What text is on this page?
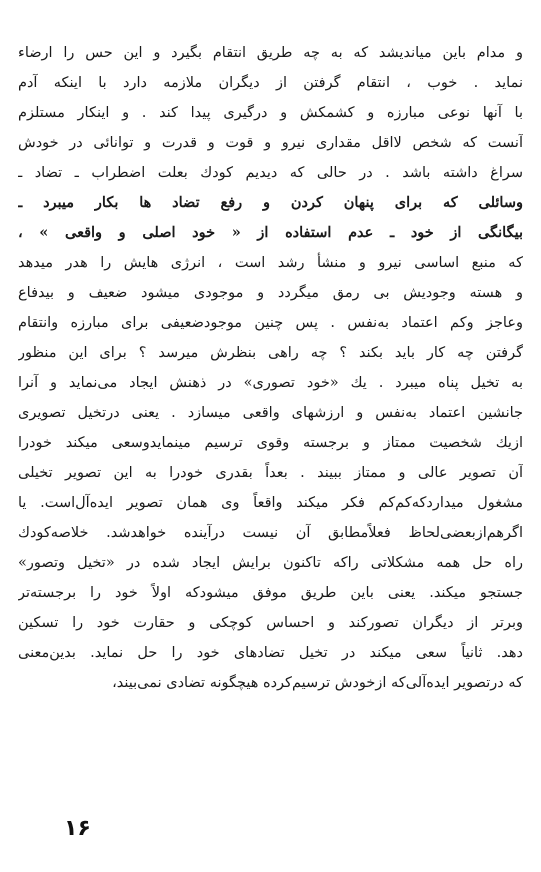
و مدام باین میاندیشد که به چه طریق انتقام بگیرد و این حس را ارضاء
نماید . خوب ، انتقام گرفتن از دیگران ملازمه دارد با اینکه آدم
با آنها نوعی مبارزه و کشمکش و درگیری پیدا کند . و اینکار مستلزم
آنست که شخص لااقل مقداری نیرو و قوت و قدرت و توانائی در خودش
سراغ داشته باشد . در حالی که دیدیم کودك بعلت اضطراب ـ تضاد ـ
وسائلی که برای پنهان کردن و رفع تضاد ها بکار میبرد ـ
بیگانگی از خود ـ عدم استفاده از « خود اصلی و واقعی » ،
که منبع اساسی نیرو و منشأ رشد است ، انرژی هایش را هدر میدهد
و هسته وجودیش بی رمق میگردد و موجودی میشود ضعیف و بیدفاع
وعاجز وکم اعتماد به‌نفس . پس چنین موجودضعیفی برای مبارزه وانتقام‌
گرفتن چه کار باید بکند ؟ چه راهی بنظرش میرسد ؟ برای این منظور
به تخیل پناه میبرد . یك «خود تصوری» در ذهنش ایجاد می‌نماید و آنرا
جانشین اعتماد به‌نفس و ارزشهای واقعی میسازد . یعنی درتخیل تصویری
ازیك شخصیت ممتاز و برجسته وقوی ترسیم مینمایدوسعی میکند خودرا
آن تصویر عالی و ممتاز ببیند . بعداً بقدری خودرا به این تصویر تخیلی
مشغول میداردکه‌کم‌کم فکر میکند واقعاً وی همان تصویر ایده‌آل‌است. یا
اگرهم‌ازبعضی‌لحاظ فعلاً‌مطابق آن نیست درآینده خواهدشد. خلاصه‌کودك
راه حل همه مشکلاتی راکه تاکنون برایش ایجاد شده در «تخیل وتصور»
جستجو میکند. یعنی باین طریق موفق میشودکه اولاً خود را برجسته‌تر
وبرتر از دیگران تصورکند و احساس کوچکی و حقارت خود را تسکین
دهد. ثانیاً سعی میکند در تخیل تضادهای خود را حل نماید. بدین‌معنی
که درتصویر ایده‌آلی‌که ازخودش ترسیم‌کرده هیچگونه تضادی نمی‌بیند،
۱۶
